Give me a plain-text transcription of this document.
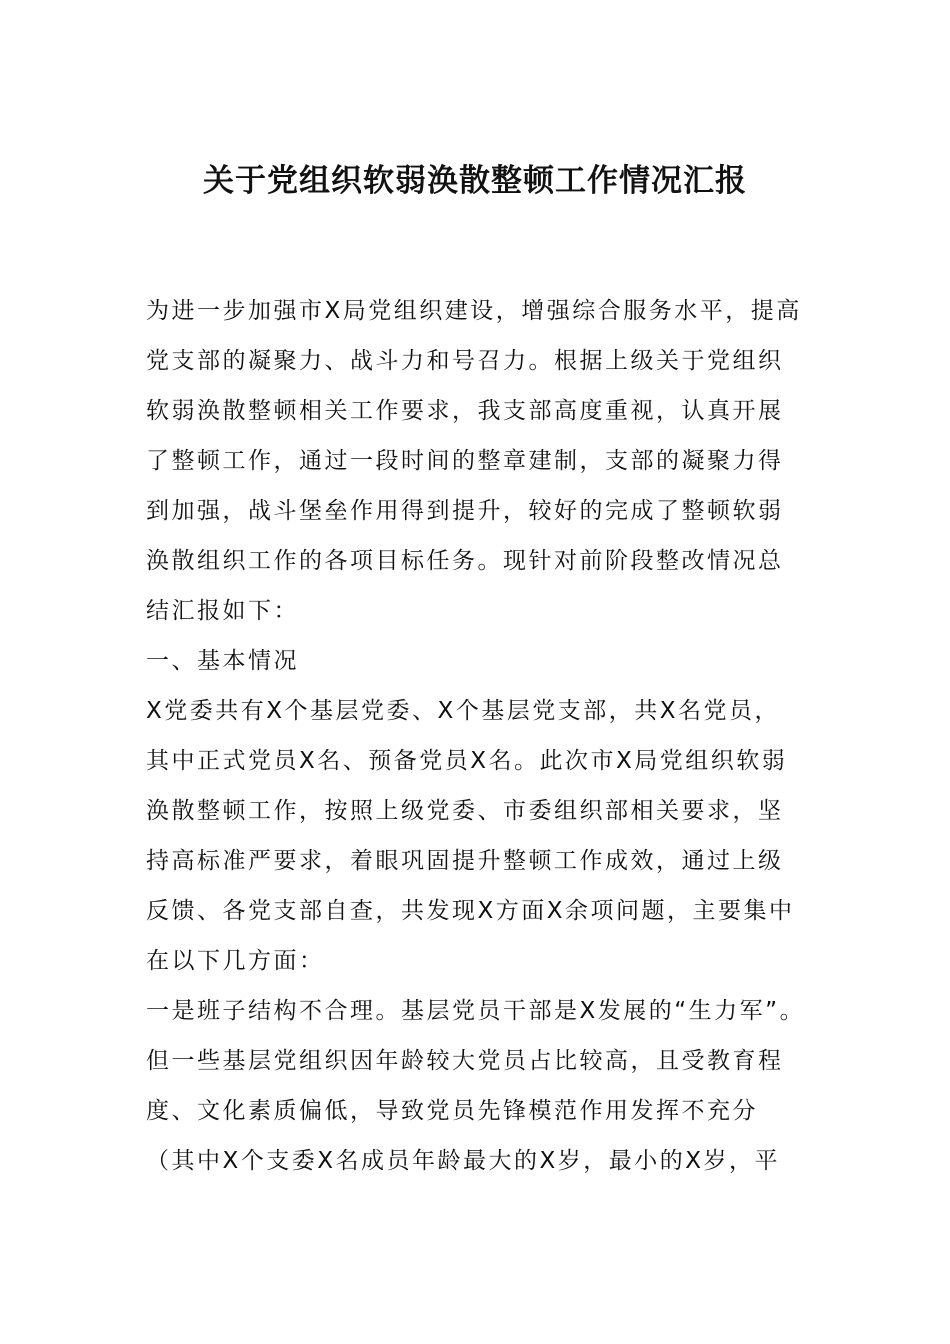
关于党组织软弱涣散整顿工作情况汇报
为进一步加强市X局党组织建设，增强综合服务水平，提高
党支部的凝聚力、战斗力和号召力。根据上级关于党组织
软弱涣散整顿相关工作要求，我支部高度重视，认真开展
了整顿工作，通过一段时间的整章建制，支部的凝聚力得
到加强，战斗堡垒作用得到提升，较好的完成了整顿软弱
涣散组织工作的各项目标任务。现针对前阶段整改情况总
结汇报如下：
一、基本情况
X党委共有X个基层党委、X个基层党支部，共X名党员，
其中正式党员X名、预备党员X名。此次市X局党组织软弱
涣散整顿工作，按照上级党委、市委组织部相关要求，坚
持高标准严要求，着眼巩固提升整顿工作成效，通过上级
反馈、各党支部自查，共发现X方面X余项问题，主要集中
在以下几方面：
一是班子结构不合理。基层党员干部是X发展的“生力军”。
但一些基层党组织因年龄较大党员占比较高，且受教育程
度、文化素质偏低，导致党员先锋模范作用发挥不充分
（其中X个支委X名成员年龄最大的X岁，最小的X岁，平
